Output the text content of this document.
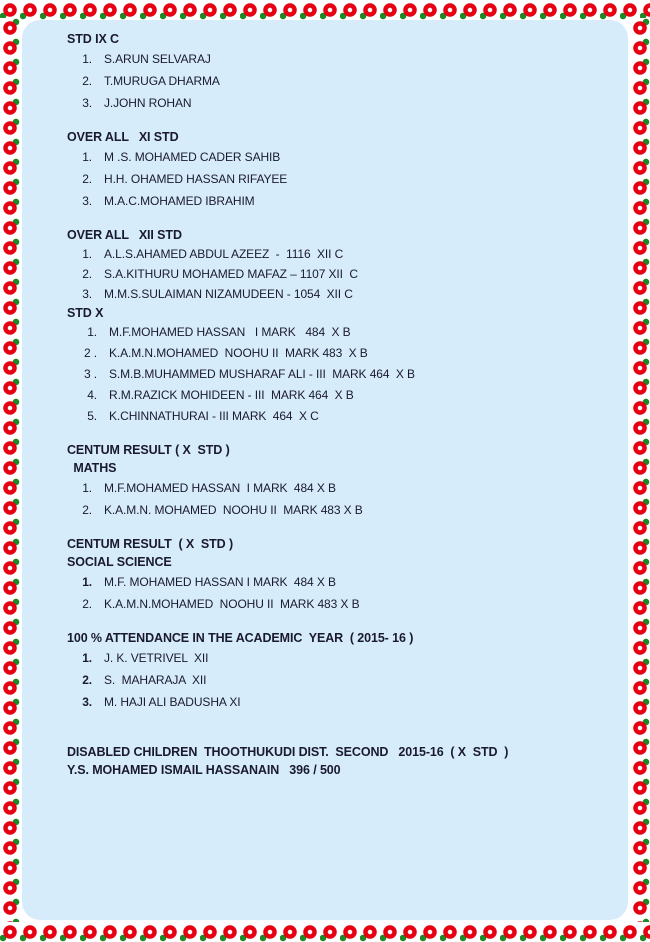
STD IX C

1. S.ARUN SELVARAJ
2. T.MURUGA DHARMA
3. J.JOHN ROHAN

OVER ALL   XI STD

1. M .S. MOHAMED CADER SAHIB
2. H.H. OHAMED HASSAN RIFAYEE
3. M.A.C.MOHAMED IBRAHIM

OVER ALL   XII STD

1. A.L.S.AHAMED ABDUL AZEEZ  -  1116  XII C
2. S.A.KITHURU MOHAMED MAFAZ – 1107 XII  C
3. M.M.S.SULAIMAN NIZAMUDEEN - 1054  XII C

STD X

1. M.F.MOHAMED HASSAN   I MARK   484  X B
2 . K.A.M.N.MOHAMED  NOOHU II  MARK 483  X B
3 . S.M.B.MUHAMMED MUSHARAF ALI - III  MARK 464  X B
4. R.M.RAZICK MOHIDEEN - III  MARK 464  X B
5. K.CHINNATHURAI - III MARK  464  X C

CENTUM RESULT ( X  STD )

MATHS

1. M.F.MOHAMED HASSAN  I MARK  484 X B
2. K.A.M.N. MOHAMED  NOOHU II  MARK 483 X B

CENTUM RESULT  ( X  STD )

SOCIAL SCIENCE

1. M.F. MOHAMED HASSAN I MARK  484 X B
2. K.A.M.N.MOHAMED  NOOHU II  MARK 483 X B

100 % ATTENDANCE IN THE ACADEMIC  YEAR  ( 2015- 16 )

1. J. K. VETRIVEL  XII
2. S.  MAHARAJA  XII
3. M. HAJI ALI BADUSHA XI

DISABLED CHILDREN  THOOTHUKUDI DIST.  SECOND   2015-16  ( X  STD  )

Y.S. MOHAMED ISMAIL HASSANAIN   396 / 500
